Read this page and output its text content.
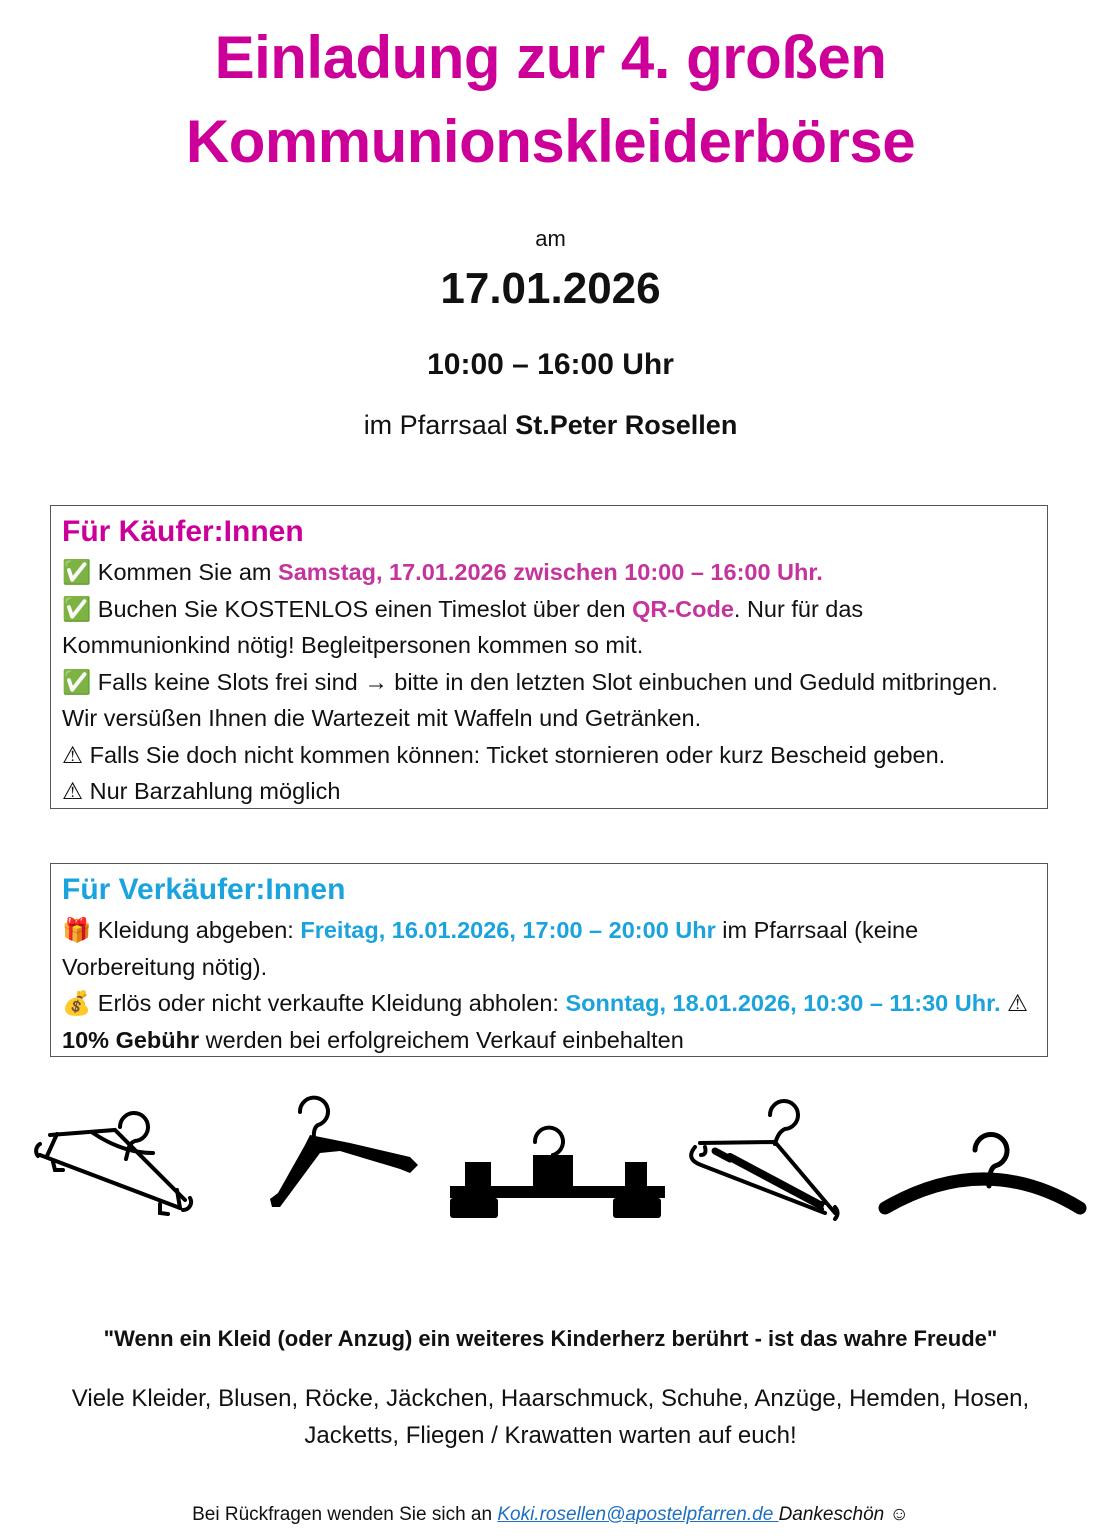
Einladung zur 4. großen
Kommunionskleiderbörse
am
17.01.2026
10:00 – 16:00 Uhr
im Pfarrsaal St.Peter Rosellen
Für Käufer:Innen

✅ Kommen Sie am Samstag, 17.01.2026 zwischen 10:00 – 16:00 Uhr.

✅ Buchen Sie KOSTENLOS einen Timeslot über den QR-Code. Nur für das Kommunionkind nötig! Begleitpersonen kommen so mit.

✅ Falls keine Slots frei sind → bitte in den letzten Slot einbuchen und Geduld mitbringen. Wir versüßen Ihnen die Wartezeit mit Waffeln und Getränken.

⚠ Falls Sie doch nicht kommen können: Ticket stornieren oder kurz Bescheid geben.

⚠ Nur Barzahlung möglich

Für Verkäufer:Innen

🎁 Kleidung abgeben: Freitag, 16.01.2026, 17:00 – 20:00 Uhr im Pfarrsaal (keine Vorbereitung nötig).

💰 Erlös oder nicht verkaufte Kleidung abholen: Sonntag, 18.01.2026, 10:30 – 11:30 Uhr. ⚠ 10% Gebühr werden bei erfolgreichem Verkauf einbehalten

"Wenn ein Kleid (oder Anzug) ein weiteres Kinderherz berührt - ist das wahre Freude"
Viele Kleider, Blusen, Röcke, Jäckchen, Haarschmuck, Schuhe, Anzüge, Hemden, Hosen,
Jacketts, Fliegen / Krawatten warten auf euch!
Bei Rückfragen wenden Sie sich an Koki.rosellen@apostelpfarren.de Dankeschön ☺
